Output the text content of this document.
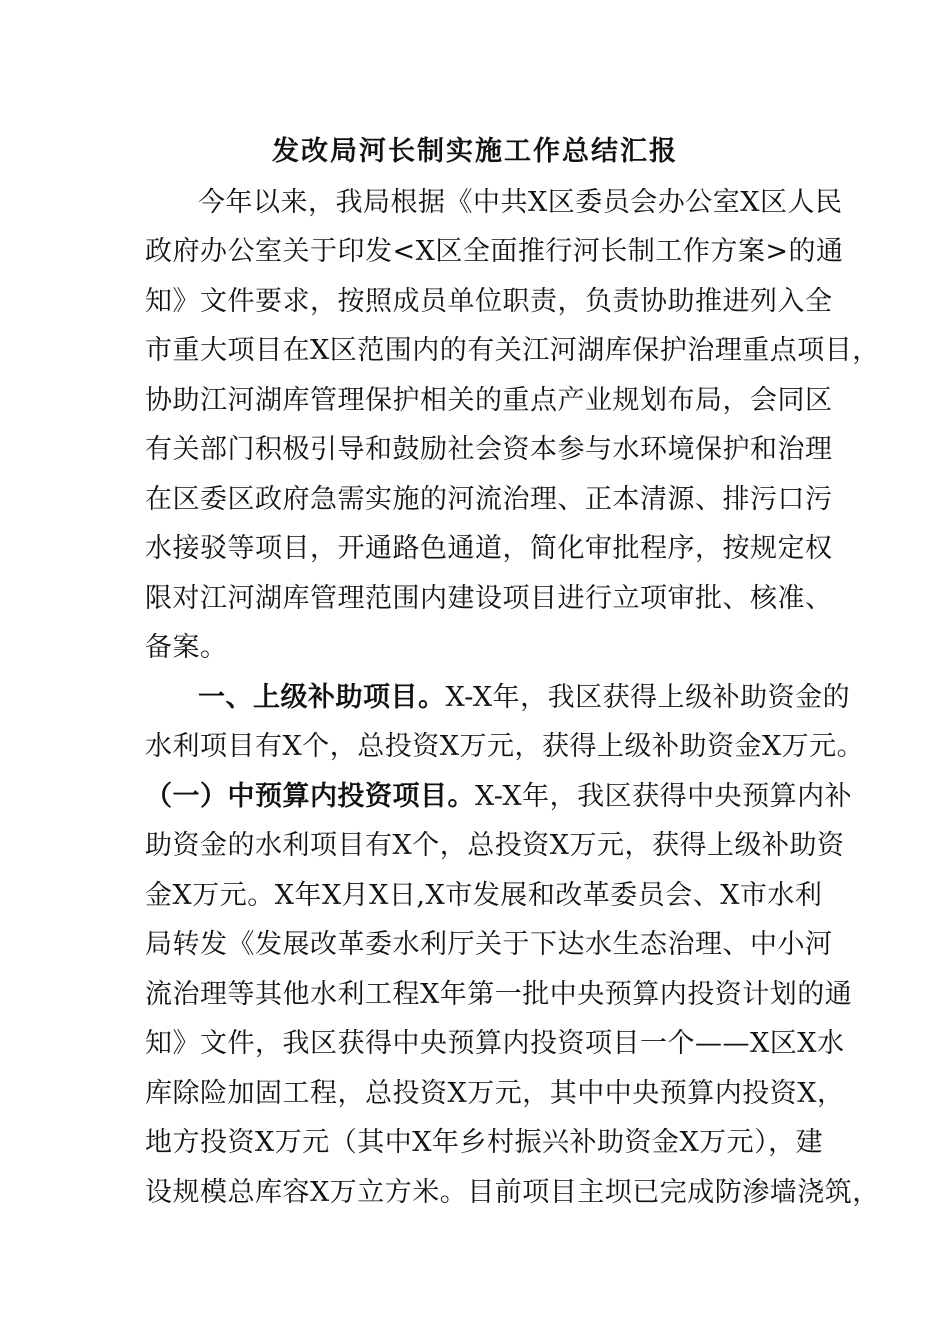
发改局河长制实施工作总结汇报
今年以来，我局根据《中共X区委员会办公室X区人民
政府办公室关于印发<X区全面推行河长制工作方案>的通
知》文件要求，按照成员单位职责，负责协助推进列入全
市重大项目在X区范围内的有关江河湖库保护治理重点项目，
协助江河湖库管理保护相关的重点产业规划布局，会同区
有关部门积极引导和鼓励社会资本参与水环境保护和治理
在区委区政府急需实施的河流治理、正本清源、排污口污
水接驳等项目，开通路色通道，简化审批程序，按规定权
限对江河湖库管理范围内建设项目进行立项审批、核准、
备案。
一、上级补助项目。X-X年，我区获得上级补助资金的
水利项目有X个，总投资X万元，获得上级补助资金X万元。
（一）中预算内投资项目。X-X年，我区获得中央预算内补
助资金的水利项目有X个，总投资X万元，获得上级补助资
金X万元。X年X月X日,X市发展和改革委员会、X市水利
局转发《发展改革委水利厅关于下达水生态治理、中小河
流治理等其他水利工程X年第一批中央预算内投资计划的通
知》文件，我区获得中央预算内投资项目一个——X区X水
库除险加固工程，总投资X万元，其中中央预算内投资X，
地方投资X万元（其中X年乡村振兴补助资金X万元），建
设规模总库容X万立方米。目前项目主坝已完成防渗墙浇筑，
